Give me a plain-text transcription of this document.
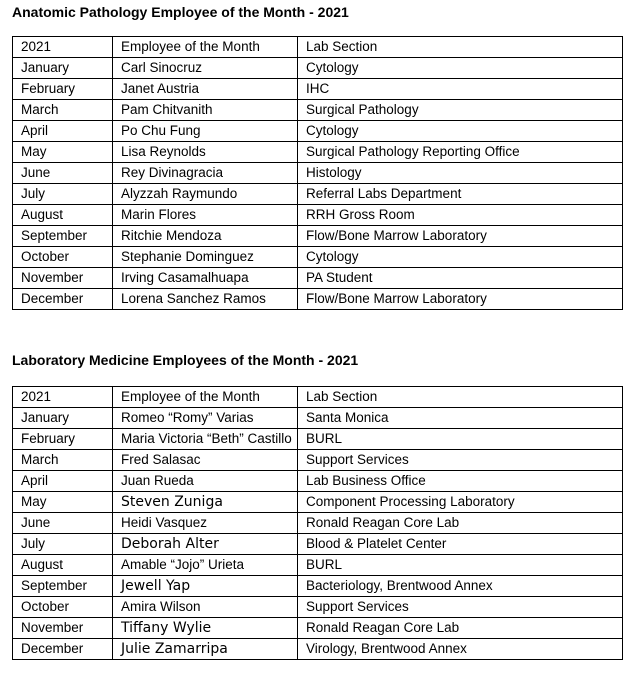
Anatomic Pathology Employee of the Month - 2021
2021	Employee of the Month	Lab Section
January	Carl Sinocruz	Cytology
February	Janet Austria	IHC
March	Pam Chitvanith	Surgical Pathology
April	Po Chu Fung	Cytology
May	Lisa Reynolds	Surgical Pathology Reporting Office
June	Rey Divinagracia	Histology
July	Alyzzah Raymundo	Referral Labs Department
August	Marin Flores	RRH Gross Room
September	Ritchie Mendoza	Flow/Bone Marrow Laboratory
October	Stephanie Dominguez	Cytology
November	Irving Casamalhuapa	PA Student
December	Lorena Sanchez Ramos	Flow/Bone Marrow Laboratory
Laboratory Medicine Employees of the Month - 2021
2021	Employee of the Month	Lab Section
January	Romeo “Romy” Varias	Santa Monica
February	Maria Victoria “Beth” Castillo	BURL
March	Fred Salasac	Support Services
April	Juan Rueda	Lab Business Office
May	Steven Zuniga	Component Processing Laboratory
June	Heidi Vasquez	Ronald Reagan Core Lab
July	Deborah Alter	Blood & Platelet Center
August	Amable “Jojo” Urieta	BURL
September	Jewell Yap	Bacteriology, Brentwood Annex
October	Amira Wilson	Support Services
November	Tiffany Wylie	Ronald Reagan Core Lab
December	Julie Zamarripa	Virology, Brentwood Annex
